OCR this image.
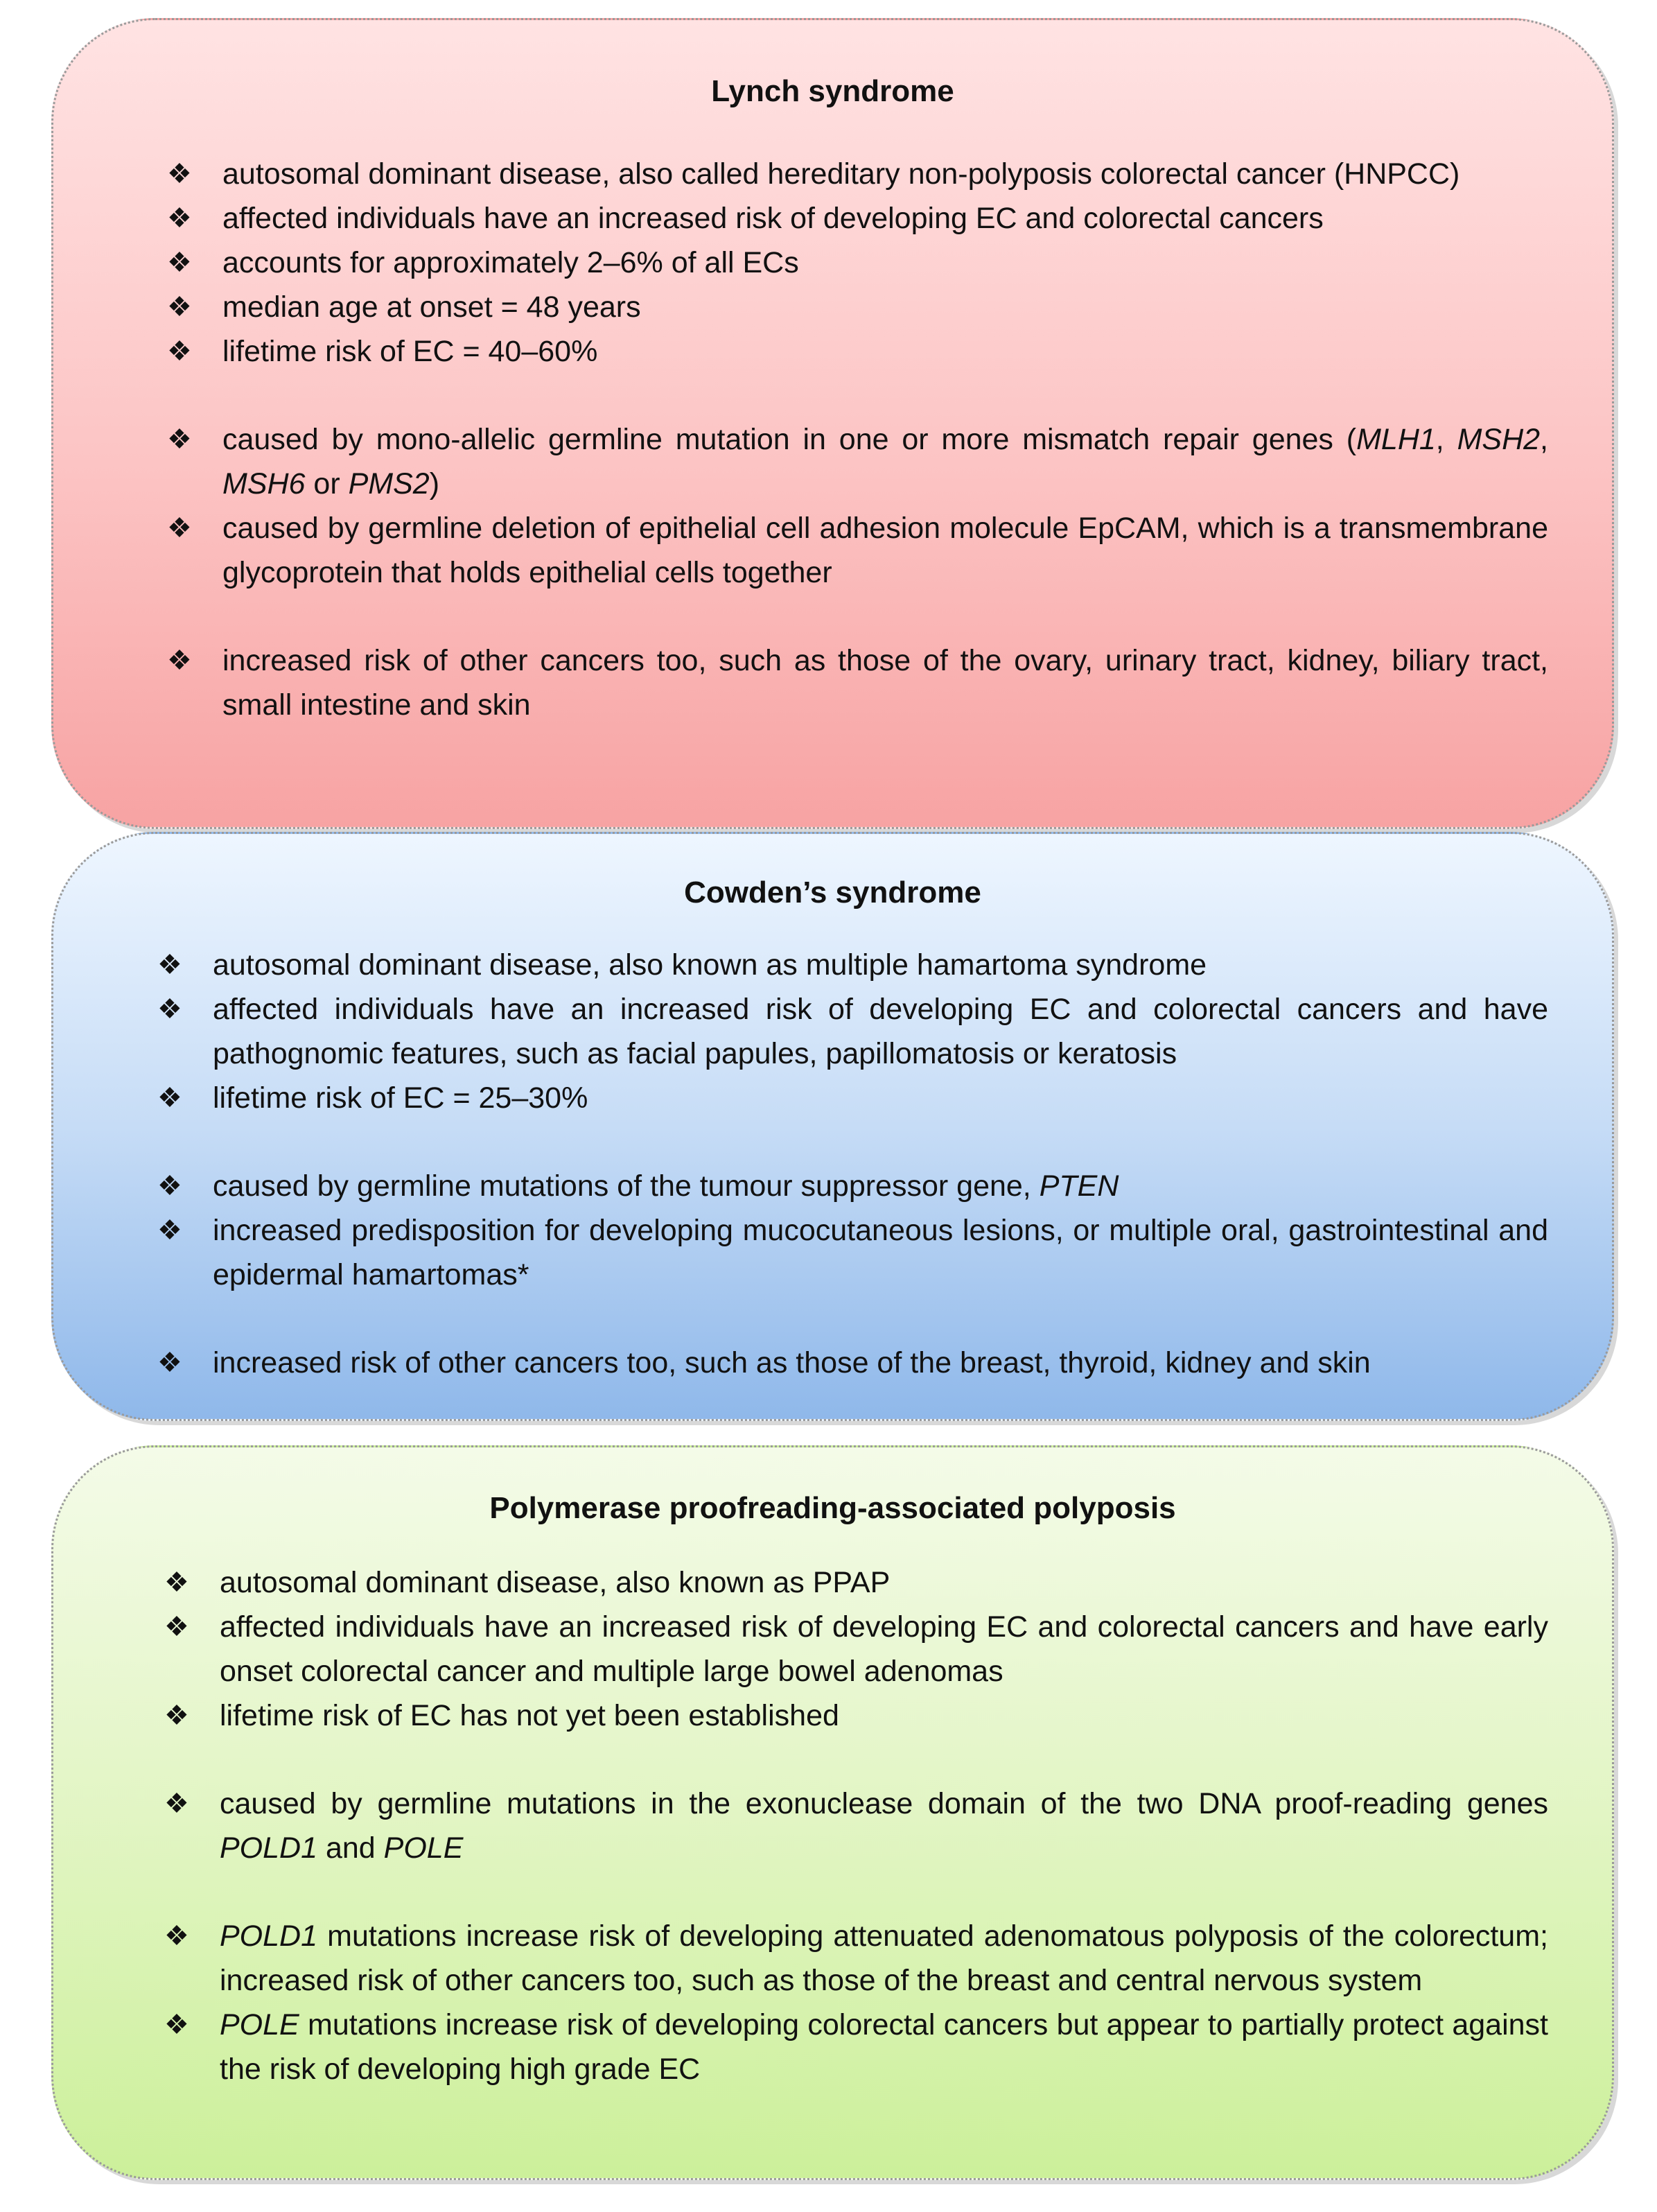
Lynch syndrome
❖ autosomal dominant disease, also called hereditary non-polyposis colorectal cancer (HNPCC)
❖ affected individuals have an increased risk of developing EC and colorectal cancers
❖ accounts for approximately 2–6% of all ECs
❖ median age at onset = 48 years
❖ lifetime risk of EC = 40–60%
❖ caused by mono-allelic germline mutation in one or more mismatch repair genes (MLH1, MSH2, MSH6 or PMS2)
❖ caused by germline deletion of epithelial cell adhesion molecule EpCAM, which is a transmembrane glycoprotein that holds epithelial cells together
❖ increased risk of other cancers too, such as those of the ovary, urinary tract, kidney, biliary tract, small intestine and skin
Cowden’s syndrome
❖ autosomal dominant disease, also known as multiple hamartoma syndrome
❖ affected individuals have an increased risk of developing EC and colorectal cancers and have pathognomic features, such as facial papules, papillomatosis or keratosis
❖ lifetime risk of EC = 25–30%
❖ caused by germline mutations of the tumour suppressor gene, PTEN
❖ increased predisposition for developing mucocutaneous lesions, or multiple oral, gastrointestinal and epidermal hamartomas*
❖ increased risk of other cancers too, such as those of the breast, thyroid, kidney and skin
Polymerase proofreading-associated polyposis
❖ autosomal dominant disease, also known as PPAP
❖ affected individuals have an increased risk of developing EC and colorectal cancers and have early onset colorectal cancer and multiple large bowel adenomas
❖ lifetime risk of EC has not yet been established
❖ caused by germline mutations in the exonuclease domain of the two DNA proof-reading genes POLD1 and POLE
❖ POLD1 mutations increase risk of developing attenuated adenomatous polyposis of the colorectum; increased risk of other cancers too, such as those of the breast and central nervous system
❖ POLE mutations increase risk of developing colorectal cancers but appear to partially protect against the risk of developing high grade EC
